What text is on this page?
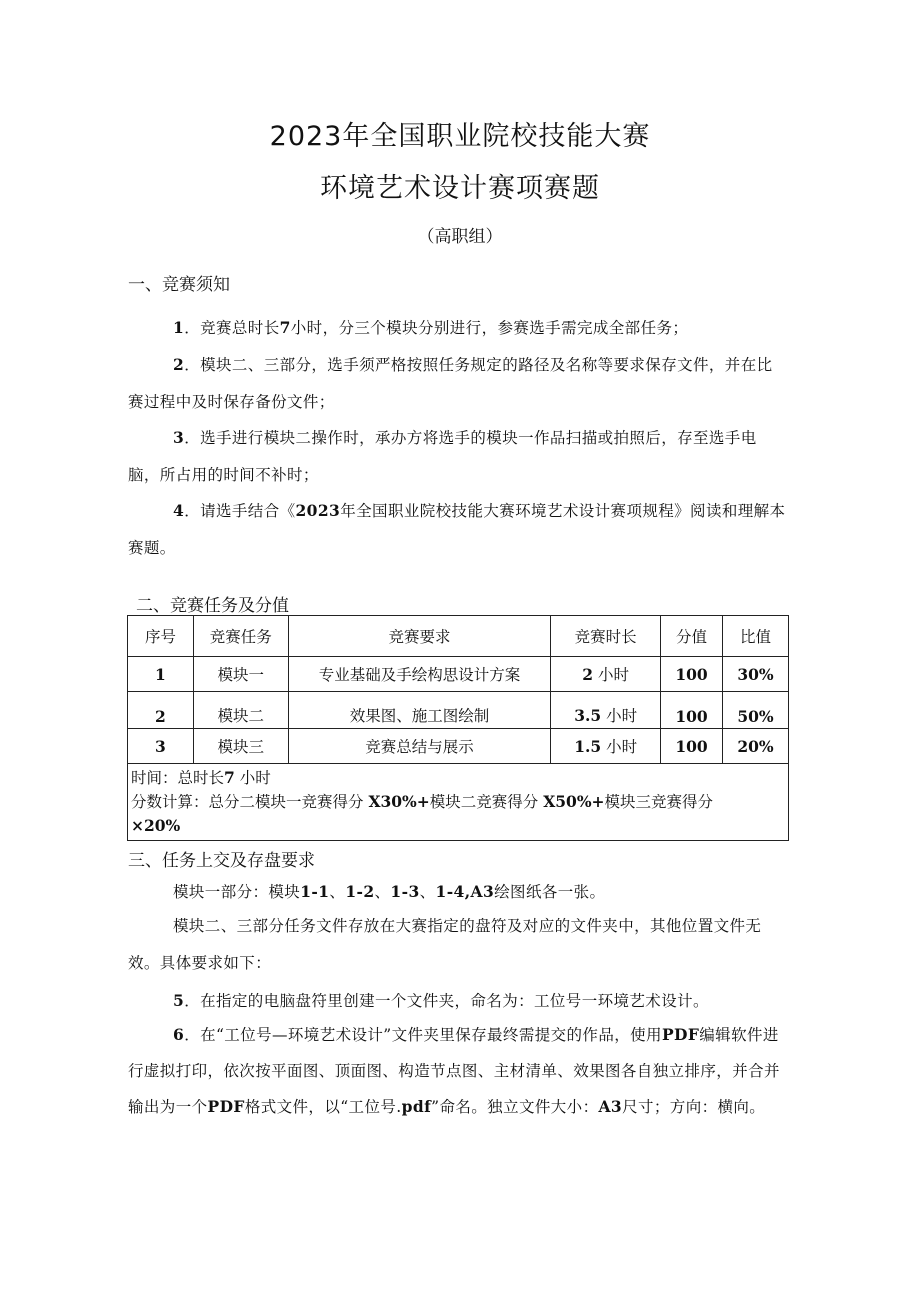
2023年全国职业院校技能大赛
环境艺术设计赛项赛题
（高职组）
一、竞赛须知
1．竞赛总时长7小时，分三个模块分别进行，参赛选手需完成全部任务；
2．模块二、三部分，选手须严格按照任务规定的路径及名称等要求保存文件，并在比赛过程中及时保存备份文件；
3．选手进行模块二操作时，承办方将选手的模块一作品扫描或拍照后，存至选手电脑，所占用的时间不补时；
4．请选手结合《2023年全国职业院校技能大赛环境艺术设计赛项规程》阅读和理解本赛题。
二、竞赛任务及分值
序号	竞赛任务	竞赛要求	竞赛时长	分值	比值
1	模块一	专业基础及手绘构思设计方案	2 小时	100	30%
2	模块二	效果图、施工图绘制	3.5 小时	100	50%
3	模块三	竞赛总结与展示	1.5 小时	100	20%

时间：总时长7 小时
分数计算：总分二模块一竞赛得分 X30%+模块二竞赛得分 X50%+模块三竞赛得分
×20%					
三、任务上交及存盘要求
模块一部分：模块1-1、1-2、1-3、1-4,A3绘图纸各一张。
模块二、三部分任务文件存放在大赛指定的盘符及对应的文件夹中，其他位置文件无效。具体要求如下：
5．在指定的电脑盘符里创建一个文件夹，命名为：工位号一环境艺术设计。
6．在“工位号—环境艺术设计”文件夹里保存最终需提交的作品，使用PDF编辑软件进行虚拟打印，依次按平面图、顶面图、构造节点图、主材清单、效果图各自独立排序，并合并输出为一个PDF格式文件，以“工位号.pdf”命名。独立文件大小：A3尺寸；方向：横向。
